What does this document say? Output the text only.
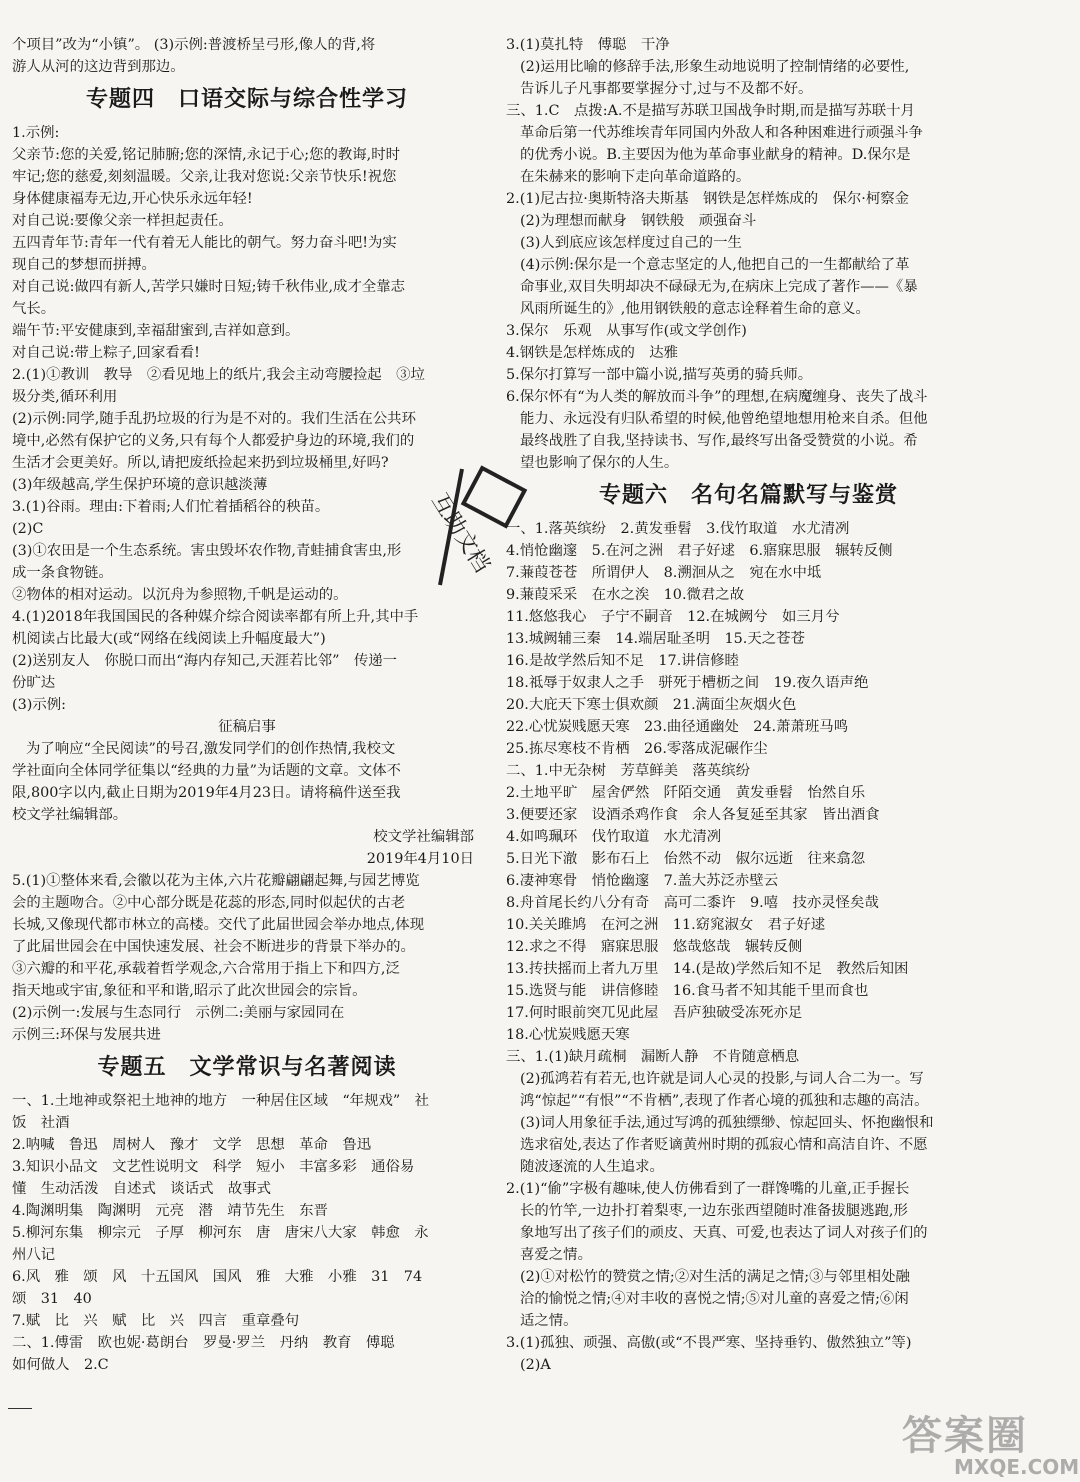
个项目”改为“小镇”。 (3)示例:普渡桥呈弓形,像人的背,将
游人从河的这边背到那边。
专题四　口语交际与综合性学习
1.示例:
父亲节:您的关爱,铭记肺腑;您的深情,永记于心;您的教诲,时时
牢记;您的慈爱,刻刻温暖。父亲,让我对您说:父亲节快乐!祝您
身体健康福寿无边,开心快乐永远年轻!
对自己说:要像父亲一样担起责任。
五四青年节:青年一代有着无人能比的朝气。努力奋斗吧!为实
现自己的梦想而拼搏。
对自己说:做四有新人,苦学只嫌时日短;铸千秋伟业,成才全靠志
气长。
端午节:平安健康到,幸福甜蜜到,吉祥如意到。
对自己说:带上粽子,回家看看!
2.(1)①教训　教导　②看见地上的纸片,我会主动弯腰捡起　③垃
圾分类,循环利用
(2)示例:同学,随手乱扔垃圾的行为是不对的。我们生活在公共环
境中,必然有保护它的义务,只有每个人都爱护身边的环境,我们的
生活才会更美好。所以,请把废纸捡起来扔到垃圾桶里,好吗?
(3)年级越高,学生保护环境的意识越淡薄
3.(1)谷雨。理由:下着雨;人们忙着插稻谷的秧苗。
(2)C
(3)①农田是一个生态系统。害虫毁坏农作物,青蛙捕食害虫,形
成一条食物链。
②物体的相对运动。以沉舟为参照物,千帆是运动的。
4.(1)2018年我国国民的各种媒介综合阅读率都有所上升,其中手
机阅读占比最大(或“网络在线阅读上升幅度最大”)
(2)送别友人　你脱口而出“海内存知己,天涯若比邻”　传递一
份旷达
(3)示例:
征稿启事
为了响应“全民阅读”的号召,激发同学们的创作热情,我校文
学社面向全体同学征集以“经典的力量”为话题的文章。文体不
限,800字以内,截止日期为2019年4月23日。请将稿件送至我
校文学社编辑部。
校文学社编辑部
2019年4月10日
5.(1)①整体来看,会徽以花为主体,六片花瓣翩翩起舞,与园艺博览
会的主题吻合。②中心部分既是花蕊的形态,同时似起伏的古老
长城,又像现代都市林立的高楼。交代了此届世园会举办地点,体现
了此届世园会在中国快速发展、社会不断进步的背景下举办的。
③六瓣的和平花,承载着哲学观念,六合常用于指上下和四方,泛
指天地或宇宙,象征和平和谐,昭示了此次世园会的宗旨。
(2)示例一:发展与生态同行　示例二:美丽与家园同在
示例三:环保与发展共进
专题五　文学常识与名著阅读
一、1.土地神或祭祀土地神的地方　一种居住区域　“年规戏”　社
饭　社酒
2.呐喊　鲁迅　周树人　豫才　文学　思想　革命　鲁迅
3.知识小品文　文艺性说明文　科学　短小　丰富多彩　通俗易
懂　生动活泼　自述式　谈话式　故事式
4.陶渊明集　陶渊明　元亮　潜　靖节先生　东晋
5.柳河东集　柳宗元　子厚　柳河东　唐　唐宋八大家　韩愈　永
州八记
6.风　雅　颂　风　十五国风　国风　雅　大雅　小雅　31　74
颂　31　40
7.赋　比　兴　赋　比　兴　四言　重章叠句
二、1.傅雷　欧也妮·葛朗台　罗曼·罗兰　丹纳　教育　傅聪
如何做人　2.C
3.(1)莫扎特　傅聪　干净
(2)运用比喻的修辞手法,形象生动地说明了控制情绪的必要性,
告诉儿子凡事都要掌握分寸,过与不及都不好。
三、1.C　点拨:A.不是描写苏联卫国战争时期,而是描写苏联十月
革命后第一代苏维埃青年同国内外敌人和各种困难进行顽强斗争
的优秀小说。B.主要因为他为革命事业献身的精神。D.保尔是
在朱赫来的影响下走向革命道路的。
2.(1)尼古拉·奥斯特洛夫斯基　钢铁是怎样炼成的　保尔·柯察金
(2)为理想而献身　钢铁般　顽强奋斗
(3)人到底应该怎样度过自己的一生
(4)示例:保尔是一个意志坚定的人,他把自己的一生都献给了革
命事业,双目失明却决不碌碌无为,在病床上完成了著作——《暴
风雨所诞生的》,他用钢铁般的意志诠释着生命的意义。
3.保尔　乐观　从事写作(或文学创作)
4.钢铁是怎样炼成的　达雅
5.保尔打算写一部中篇小说,描写英勇的骑兵师。
6.保尔怀有“为人类的解放而斗争”的理想,在病魔缠身、丧失了战斗
能力、永远没有归队希望的时候,他曾绝望地想用枪来自杀。但他
最终战胜了自我,坚持读书、写作,最终写出备受赞赏的小说。希
望也影响了保尔的人生。
专题六　名句名篇默写与鉴赏
一、1.落英缤纷　2.黄发垂髫　3.伐竹取道　水尤清冽
4.悄怆幽邃　5.在河之洲　君子好逑　6.寤寐思服　辗转反侧
7.蒹葭苍苍　所谓伊人　8.溯洄从之　宛在水中坻
9.蒹葭采采　在水之涘　10.微君之故
11.悠悠我心　子宁不嗣音　12.在城阙兮　如三月兮
13.城阙辅三秦　14.端居耻圣明　15.天之苍苍
16.是故学然后知不足　17.讲信修睦
18.祗辱于奴隶人之手　骈死于槽枥之间　19.夜久语声绝
20.大庇天下寒士俱欢颜　21.满面尘灰烟火色
22.心忧炭贱愿天寒　23.曲径通幽处　24.萧萧班马鸣
25.拣尽寒枝不肯栖　26.零落成泥碾作尘
二、1.中无杂树　芳草鲜美　落英缤纷
2.土地平旷　屋舍俨然　阡陌交通　黄发垂髫　怡然自乐
3.便要还家　设酒杀鸡作食　余人各复延至其家　皆出酒食
4.如鸣珮环　伐竹取道　水尤清冽
5.日光下澈　影布石上　佁然不动　俶尔远逝　往来翕忽
6.凄神寒骨　悄怆幽邃　7.盖大苏泛赤壁云
8.舟首尾长约八分有奇　高可二黍许　9.嘻　技亦灵怪矣哉
10.关关雎鸠　在河之洲　11.窈窕淑女　君子好逑
12.求之不得　寤寐思服　悠哉悠哉　辗转反侧
13.抟扶摇而上者九万里　14.(是故)学然后知不足　教然后知困
15.选贤与能　讲信修睦　16.食马者不知其能千里而食也
17.何时眼前突兀见此屋　吾庐独破受冻死亦足
18.心忧炭贱愿天寒
三、1.(1)缺月疏桐　漏断人静　不肯随意栖息
(2)孤鸿若有若无,也许就是词人心灵的投影,与词人合二为一。写
鸿“惊起”“有恨”“不肯栖”,表现了作者心境的孤独和志趣的高洁。
(3)词人用象征手法,通过写鸿的孤独缥缈、惊起回头、怀抱幽恨和
选求宿处,表达了作者贬谪黄州时期的孤寂心情和高洁自许、不愿
随波逐流的人生追求。
2.(1)“偷”字极有趣味,使人仿佛看到了一群馋嘴的儿童,正手握长
长的竹竿,一边扑打着梨枣,一边东张西望随时准备拔腿逃跑,形
象地写出了孩子们的顽皮、天真、可爱,也表达了词人对孩子们的
喜爱之情。
(2)①对松竹的赞赏之情;②对生活的满足之情;③与邻里相处融
洽的愉悦之情;④对丰收的喜悦之情;⑤对儿童的喜爱之情;⑥闲
适之情。
3.(1)孤独、顽强、高傲(或“不畏严寒、坚持垂钓、傲然独立”等)
(2)A
互助文档
答案圈
MXQE.COM
